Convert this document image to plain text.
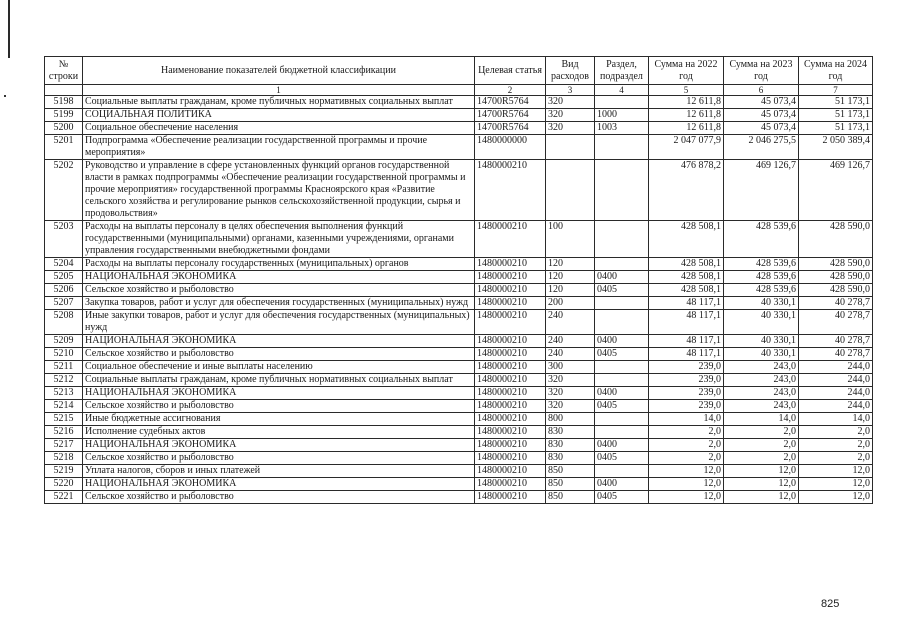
№ строки	Наименование показателей бюджетной классификации	Целевая статья	Вид расходов	Раздел, подраздел	Сумма на 2022 год	Сумма на 2023 год	Сумма на 2024 год
	1	2	3	4	5	6	7
5198	Социальные выплаты гражданам, кроме публичных нормативных социальных выплат	14700R5764	320		12 611,8	45 073,4	51 173,1
5199	СОЦИАЛЬНАЯ ПОЛИТИКА	14700R5764	320	1000	12 611,8	45 073,4	51 173,1
5200	Социальное обеспечение населения	14700R5764	320	1003	12 611,8	45 073,4	51 173,1
5201	Подпрограмма «Обеспечение реализации государственной программы и прочие мероприятия»	1480000000			2 047 077,9	2 046 275,5	2 050 389,4
5202	Руководство и управление в сфере установленных функций органов государственной власти в рамках подпрограммы «Обеспечение реализации государственной программы и прочие мероприятия» государственной программы Красноярского края «Развитие сельского хозяйства и регулирование рынков сельскохозяйственной продукции, сырья и продовольствия»	1480000210			476 878,2	469 126,7	469 126,7
5203	Расходы на выплаты персоналу в целях обеспечения выполнения функций государственными (муниципальными) органами, казенными учреждениями, органами управления государственными внебюджетными фондами	1480000210	100		428 508,1	428 539,6	428 590,0
5204	Расходы на выплаты персоналу государственных (муниципальных) органов	1480000210	120		428 508,1	428 539,6	428 590,0
5205	НАЦИОНАЛЬНАЯ ЭКОНОМИКА	1480000210	120	0400	428 508,1	428 539,6	428 590,0
5206	Сельское хозяйство и рыболовство	1480000210	120	0405	428 508,1	428 539,6	428 590,0
5207	Закупка товаров, работ и услуг для обеспечения государственных (муниципальных) нужд	1480000210	200		48 117,1	40 330,1	40 278,7
5208	Иные закупки товаров, работ и услуг для обеспечения государственных (муниципальных) нужд	1480000210	240		48 117,1	40 330,1	40 278,7
5209	НАЦИОНАЛЬНАЯ ЭКОНОМИКА	1480000210	240	0400	48 117,1	40 330,1	40 278,7
5210	Сельское хозяйство и рыболовство	1480000210	240	0405	48 117,1	40 330,1	40 278,7
5211	Социальное обеспечение и иные выплаты населению	1480000210	300		239,0	243,0	244,0
5212	Социальные выплаты гражданам, кроме публичных нормативных социальных выплат	1480000210	320		239,0	243,0	244,0
5213	НАЦИОНАЛЬНАЯ ЭКОНОМИКА	1480000210	320	0400	239,0	243,0	244,0
5214	Сельское хозяйство и рыболовство	1480000210	320	0405	239,0	243,0	244,0
5215	Иные бюджетные ассигнования	1480000210	800		14,0	14,0	14,0
5216	Исполнение судебных актов	1480000210	830		2,0	2,0	2,0
5217	НАЦИОНАЛЬНАЯ ЭКОНОМИКА	1480000210	830	0400	2,0	2,0	2,0
5218	Сельское хозяйство и рыболовство	1480000210	830	0405	2,0	2,0	2,0
5219	Уплата налогов, сборов и иных платежей	1480000210	850		12,0	12,0	12,0
5220	НАЦИОНАЛЬНАЯ ЭКОНОМИКА	1480000210	850	0400	12,0	12,0	12,0
5221	Сельское хозяйство и рыболовство	1480000210	850	0405	12,0	12,0	12,0
825
